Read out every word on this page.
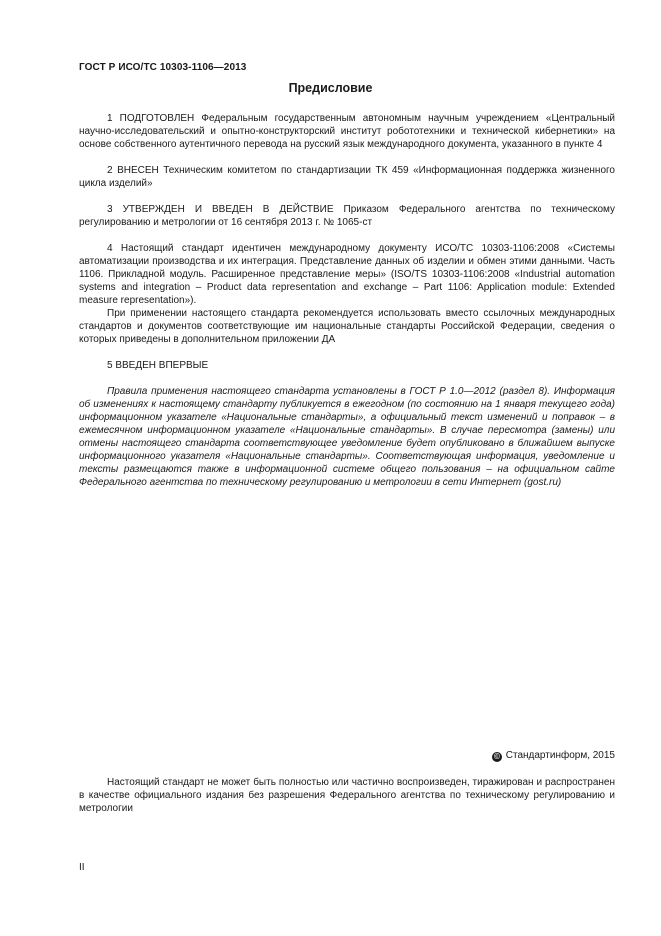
ГОСТ Р ИСО/ТС 10303-1106—2013
Предисловие

1 ПОДГОТОВЛЕН Федеральным государственным автономным научным учреждением «Центральный научно-исследовательский и опытно-конструкторский институт робототехники и технической кибернетики» на основе собственного аутентичного перевода на русский язык международного документа, указанного в пункте 4

2 ВНЕСЕН Техническим комитетом по стандартизации ТК 459 «Информационная поддержка жизненного цикла изделий»

3 УТВЕРЖДЕН И ВВЕДЕН В ДЕЙСТВИЕ Приказом Федерального агентства по техническому регулированию и метрологии от 16 сентября 2013 г. № 1065-ст

4 Настоящий стандарт идентичен международному документу ИСО/ТС 10303-1106:2008 «Системы автоматизации производства и их интеграция. Представление данных об изделии и обмен этими данными. Часть 1106. Прикладной модуль. Расширенное представление меры» (ISO/TS 10303-1106:2008 «Industrial automation systems and integration – Product data representation and exchange – Part 1106: Application module: Extended measure representation»).

При применении настоящего стандарта рекомендуется использовать вместо ссылочных международных стандартов и документов соответствующие им национальные стандарты Российской Федерации, сведения о которых приведены в дополнительном приложении ДА

5 ВВЕДЕН ВПЕРВЫЕ

Правила применения настоящего стандарта установлены в ГОСТ Р 1.0—2012 (раздел 8). Информация об изменениях к настоящему стандарту публикуется в ежегодном (по состоянию на 1 января текущего года) информационном указателе «Национальные стандарты», а официальный текст изменений и поправок – в ежемесячном информационном указателе «Национальные стандарты». В случае пересмотра (замены) или отмены настоящего стандарта соответствующее уведомление будет опубликовано в ближайшем выпуске информационного указателя «Национальные стандарты». Соответствующая информация, уведомление и тексты размещаются также в информационной системе общего пользования – на официальном сайте Федерального агентства по техническому регулированию и метрологии в сети Интернет (gost.ru)

© Стандартинформ, 2015

Настоящий стандарт не может быть полностью или частично воспроизведен, тиражирован и распространен в качестве официального издания без разрешения Федерального агентства по техническому регулированию и метрологии

II
